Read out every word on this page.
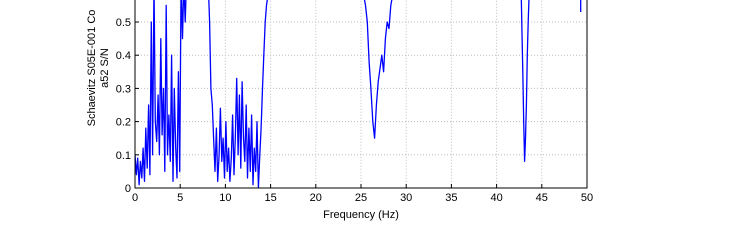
0	5	10	15	20	25	30	35	40	45	50
0
0.1
0.2
0.3
0.4
0.5
Frequency (Hz)
Schaevitz S05E-001 Co a52 S/N
